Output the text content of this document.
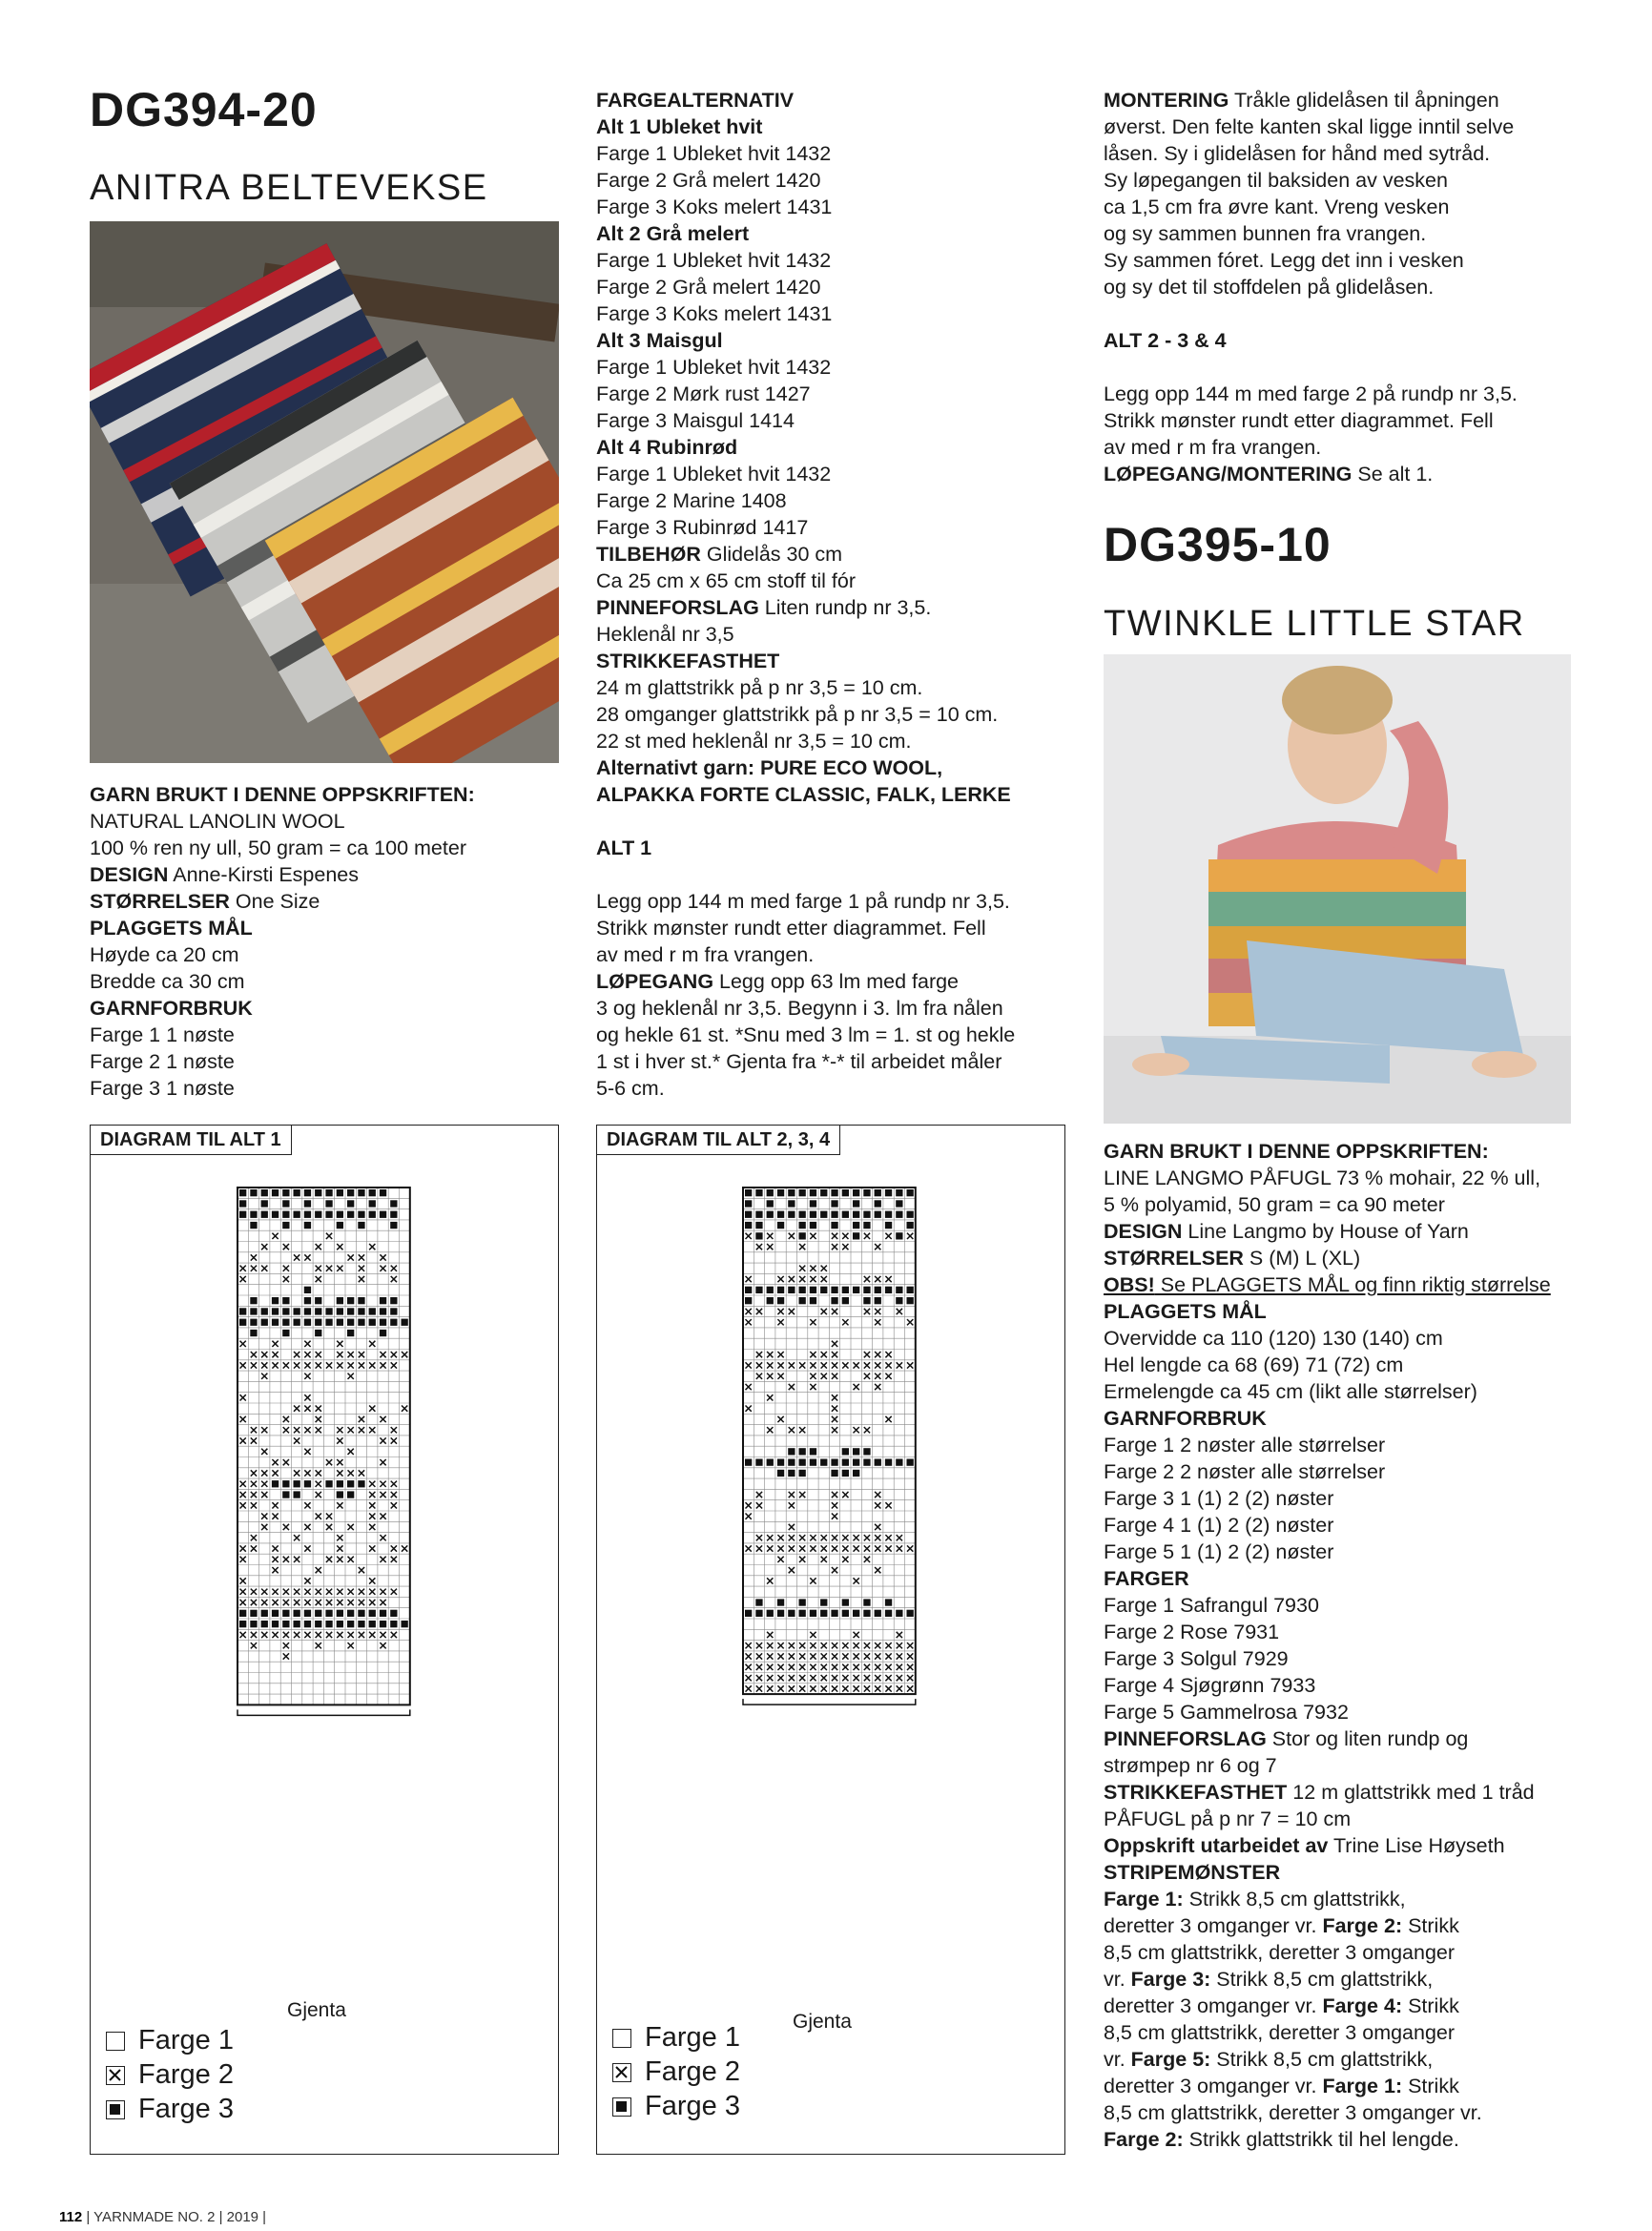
DG394-20
ANITRA BELTEVEKSE
GARN BRUKT I DENNE OPPSKRIFTEN:
NATURAL LANOLIN WOOL
100 % ren ny ull, 50 gram = ca 100 meter
DESIGN Anne-Kirsti Espenes
STØRRELSER One Size
PLAGGETS MÅL
Høyde ca 20 cm
Bredde ca 30 cm
GARNFORBRUK
Farge 1 1 nøste
Farge 2 1 nøste
Farge 3 1 nøste
FARGEALTERNATIV
Alt 1 Ubleket hvit
Farge 1 Ubleket hvit 1432
Farge 2 Grå melert 1420
Farge 3 Koks melert 1431
Alt 2 Grå melert
Farge 1 Ubleket hvit 1432
Farge 2 Grå melert 1420
Farge 3 Koks melert 1431
Alt 3 Maisgul
Farge 1 Ubleket hvit 1432
Farge 2 Mørk rust 1427
Farge 3 Maisgul 1414
Alt 4 Rubinrød
Farge 1 Ubleket hvit 1432
Farge 2 Marine 1408
Farge 3 Rubinrød 1417
TILBEHØR Glidelås 30 cm
Ca 25 cm x 65 cm stoff til fór
PINNEFORSLAG Liten rundp nr 3,5.
Heklenål nr 3,5
STRIKKEFASTHET
24 m glattstrikk på p nr 3,5 = 10 cm.
28 omganger glattstrikk på p nr 3,5 = 10 cm.
22 st med heklenål nr 3,5 = 10 cm.
Alternativt garn: PURE ECO WOOL,
ALPAKKA FORTE CLASSIC, FALK, LERKE
ALT 1
Legg opp 144 m med farge 1 på rundp nr 3,5.
Strikk mønster rundt etter diagrammet. Fell
av med r m fra vrangen.
LØPEGANG Legg opp 63 lm med farge
3 og heklenål nr 3,5. Begynn i 3. lm fra nålen
og hekle 61 st. *Snu med 3 lm = 1. st og hekle
1 st i hver st.* Gjenta fra *-* til arbeidet måler
5-6 cm.
MONTERING Tråkle glidelåsen til åpningen
øverst. Den felte kanten skal ligge inntil selve
låsen. Sy i glidelåsen for hånd med sytråd.
Sy løpegangen til baksiden av vesken
ca 1,5 cm fra øvre kant. Vreng vesken
og sy sammen bunnen fra vrangen.
Sy sammen fóret. Legg det inn i vesken
og sy det til stoffdelen på glidelåsen.
ALT 2 - 3 & 4
Legg opp 144 m med farge 2 på rundp nr 3,5.
Strikk mønster rundt etter diagrammet. Fell
av med r m fra vrangen.
LØPEGANG/MONTERING Se alt 1.
DG395-10
TWINKLE LITTLE STAR
GARN BRUKT I DENNE OPPSKRIFTEN:
LINE LANGMO PÅFUGL 73 % mohair, 22 % ull,
5 % polyamid, 50 gram = ca 90 meter
DESIGN Line Langmo by House of Yarn
STØRRELSER S (M) L (XL)
OBS! Se PLAGGETS MÅL og finn riktig størrelse
PLAGGETS MÅL
Overvidde ca 110 (120) 130 (140) cm
Hel lengde ca 68 (69) 71 (72) cm
Ermelengde ca 45 cm (likt alle størrelser)
GARNFORBRUK
Farge 1 2 nøster alle størrelser
Farge 2 2 nøster alle størrelser
Farge 3 1 (1) 2 (2) nøster
Farge 4 1 (1) 2 (2) nøster
Farge 5 1 (1) 2 (2) nøster
FARGER
Farge 1 Safrangul 7930
Farge 2 Rose 7931
Farge 3 Solgul 7929
Farge 4 Sjøgrønn 7933
Farge 5 Gammelrosa 7932
PINNEFORSLAG Stor og liten rundp og
strømpep nr 6 og 7
STRIKKEFASTHET 12 m glattstrikk med 1 tråd
PÅFUGL på p nr 7 = 10 cm
Oppskrift utarbeidet av Trine Lise Høyseth
STRIPEMØNSTER
Farge 1: Strikk 8,5 cm glattstrikk,
deretter 3 omganger vr. Farge 2: Strikk
8,5 cm glattstrikk, deretter 3 omganger
vr. Farge 3: Strikk 8,5 cm glattstrikk,
deretter 3 omganger vr. Farge 4: Strikk
8,5 cm glattstrikk, deretter 3 omganger
vr. Farge 5: Strikk 8,5 cm glattstrikk,
deretter 3 omganger vr. Farge 1: Strikk
8,5 cm glattstrikk, deretter 3 omganger vr.
Farge 2: Strikk glattstrikk til hel lengde.
DIAGRAM TIL ALT 1
Gjenta
Farge 1
Farge 2
Farge 3
DIAGRAM TIL ALT 2, 3, 4
Gjenta
Farge 1
Farge 2
Farge 3
112 | YARNMADE NO. 2 | 2019 |
